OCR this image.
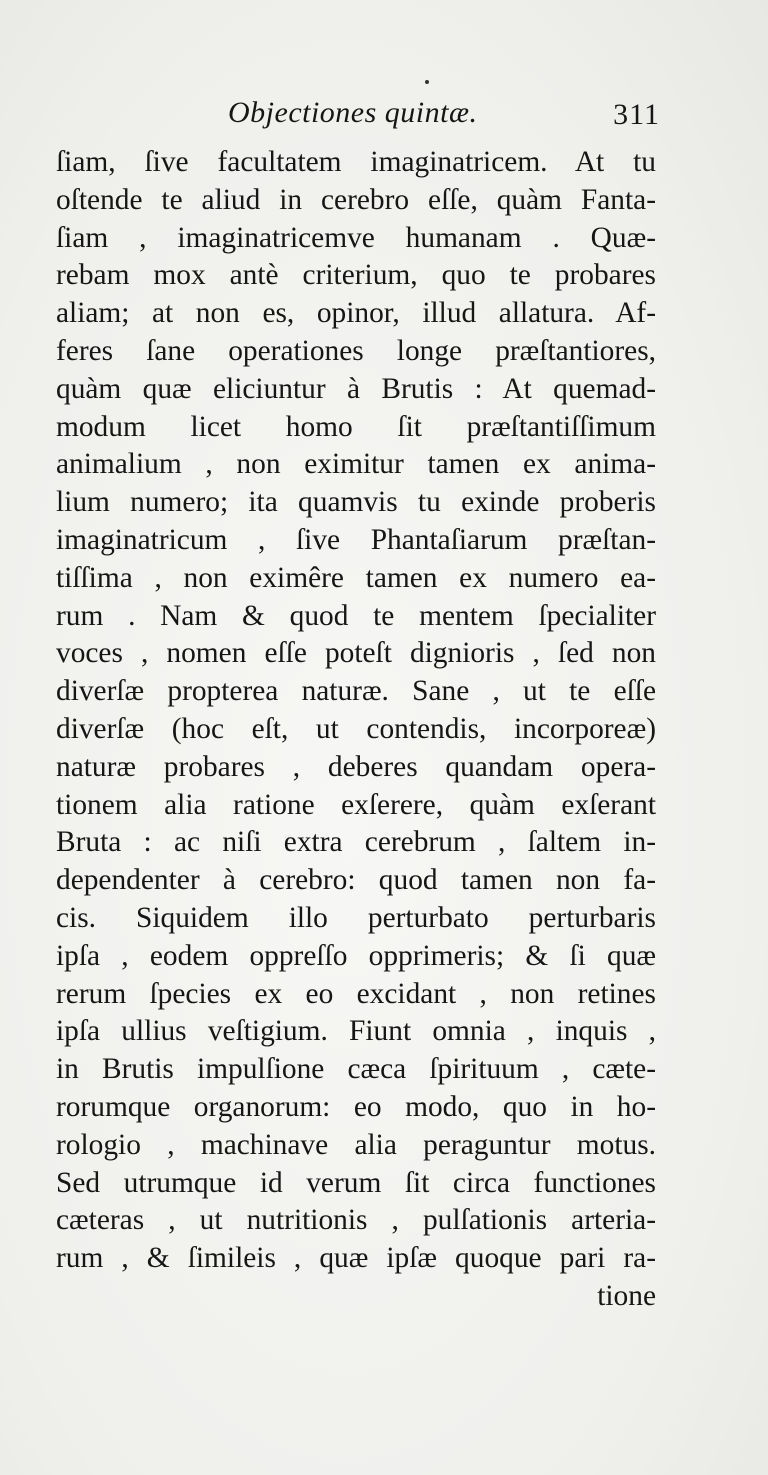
Objectiones quintæ.	311
ſiam, ſive facultatem imaginatricem. At tu
oſtende te aliud in cerebro eſſe, quàm Fanta-
ſiam , imaginatricemve humanam . Quæ-
rebam mox antè criterium, quo te probares
aliam; at non es, opinor, illud allatura. Af-
feres ſane operationes longe præſtantiores,
quàm quæ eliciuntur à Brutis : At quemad-
modum licet homo ſit præſtantiſſimum
animalium , non eximitur tamen ex anima-
lium numero; ita quamvis tu exinde proberis
imaginatricum , ſive Phantaſiarum præſtan-
tiſſima , non eximêre tamen ex numero ea-
rum . Nam & quod te mentem ſpecialiter
voces , nomen eſſe poteſt dignioris , ſed non
diverſæ propterea naturæ. Sane , ut te eſſe
diverſæ (hoc eſt, ut contendis, incorporeæ)
naturæ probares , deberes quandam opera-
tionem alia ratione exſerere, quàm exſerant
Bruta : ac niſi extra cerebrum , ſaltem in-
dependenter à cerebro: quod tamen non fa-
cis. Siquidem illo perturbato perturbaris
ipſa , eodem oppreſſo opprimeris; & ſi quæ
rerum ſpecies ex eo excidant , non retines
ipſa ullius veſtigium. Fiunt omnia , inquis ,
in Brutis impulſione cæca ſpirituum , cæte-
rorumque organorum: eo modo, quo in ho-
rologio , machinave alia peraguntur motus.
Sed utrumque id verum ſit circa functiones
cæteras , ut nutritionis , pulſationis arteria-
rum , & ſimileis , quæ ipſæ quoque pari ra-
tione
